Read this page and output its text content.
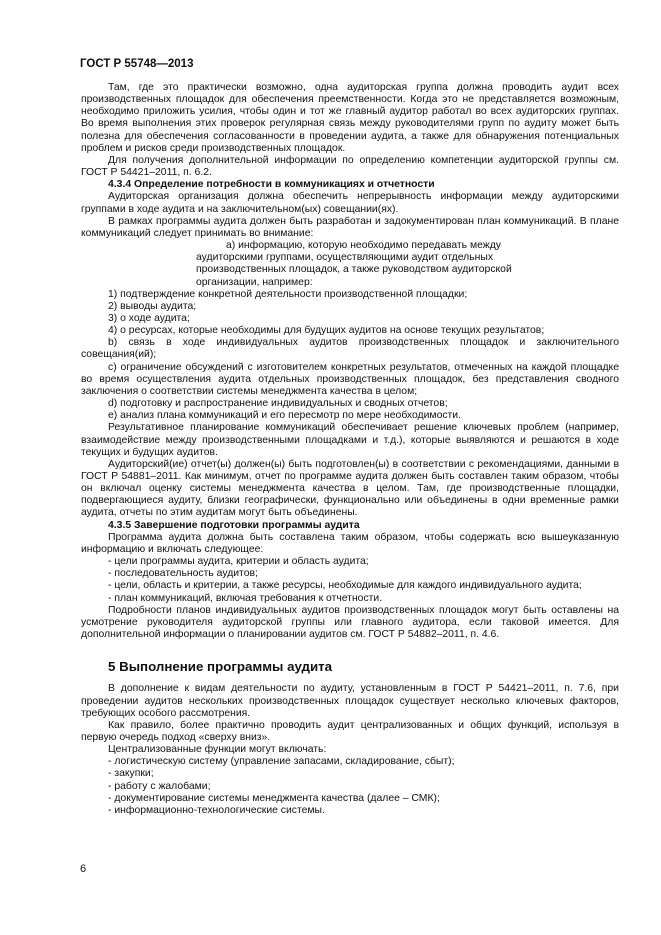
ГОСТ Р 55748—2013

Там, где это практически возможно, одна аудиторская группа должна проводить аудит всех производственных площадок для обеспечения преемственности. Когда это не представляется возможным, необходимо приложить усилия, чтобы один и тот же главный аудитор работал во всех аудиторских группах. Во время выполнения этих проверок регулярная связь между руководителями групп по аудиту может быть полезна для обеспечения согласованности в проведении аудита, а также для обнаружения потенциальных проблем и рисков среди производственных площадок.

Для получения дополнительной информации по определению компетенции аудиторской группы см. ГОСТ Р 54421–2011, п. 6.2.

4.3.4 Определение потребности в коммуникациях и отчетности

Аудиторская организация должна обеспечить непрерывность информации между аудиторскими группами в ходе аудита и на заключительном(ых) совещании(ях).

В рамках программы аудита должен быть разработан и задокументирован план коммуникаций. В плане коммуникаций следует принимать во внимание:

а) информацию, которую необходимо передавать между аудиторскими группами, осуществляющими аудит отдельных производственных площадок, а также руководством аудиторской организации, например:

1) подтверждение конкретной деятельности производственной площадки;

2) выводы аудита;

3) о ходе аудита;

4) о ресурсах, которые необходимы для будущих аудитов на основе текущих результатов;

b) связь в ходе индивидуальных аудитов производственных площадок и заключительного совещания(ий);

c) ограничение обсуждений с изготовителем конкретных результатов, отмеченных на каждой площадке во время осуществления аудита отдельных производственных площадок, без представления сводного заключения о соответствии системы менеджмента качества в целом;

d) подготовку и распространение индивидуальных и сводных отчетов;

e) анализ плана коммуникаций и его пересмотр по мере необходимости.

Результативное планирование коммуникаций обеспечивает решение ключевых проблем (например, взаимодействие между производственными площадками и т.д.), которые выявляются и решаются в ходе текущих и будущих аудитов.

Аудиторский(ие) отчет(ы) должен(ы) быть подготовлен(ы) в соответствии с рекомендациями, данными в ГОСТ Р 54881–2011. Как минимум, отчет по программе аудита должен быть составлен таким образом, чтобы он включал оценку системы менеджмента качества в целом. Там, где производственные площадки, подвергающиеся аудиту, близки географически, функционально или объединены в одни временные рамки аудита, отчеты по этим аудитам могут быть объединены.

4.3.5 Завершение подготовки программы аудита

Программа аудита должна быть составлена таким образом, чтобы содержать всю вышеуказанную информацию и включать следующее:

- цели программы аудита, критерии и область аудита;

- последовательность аудитов;

- цели, область и критерии, а также ресурсы, необходимые для каждого индивидуального аудита;

- план коммуникаций, включая требования к отчетности.

Подробности планов индивидуальных аудитов производственных площадок могут быть оставлены на усмотрение руководителя аудиторской группы или главного аудитора, если таковой имеется. Для дополнительной информации о планировании аудитов см. ГОСТ Р 54882–2011, п. 4.6.

5 Выполнение программы аудита

В дополнение к видам деятельности по аудиту, установленным в ГОСТ Р 54421–2011, п. 7.6, при проведении аудитов нескольких производственных площадок существует несколько ключевых факторов, требующих особого рассмотрения.

Как правило, более практично проводить аудит централизованных и общих функций, используя в первую очередь подход «сверху вниз».

Централизованные функции могут включать:

- логистическую систему (управление запасами, складирование, сбыт);

- закупки;

- работу с жалобами;

- документирование системы менеджмента качества (далее – СМК);

- информационно-технологические системы.

6
